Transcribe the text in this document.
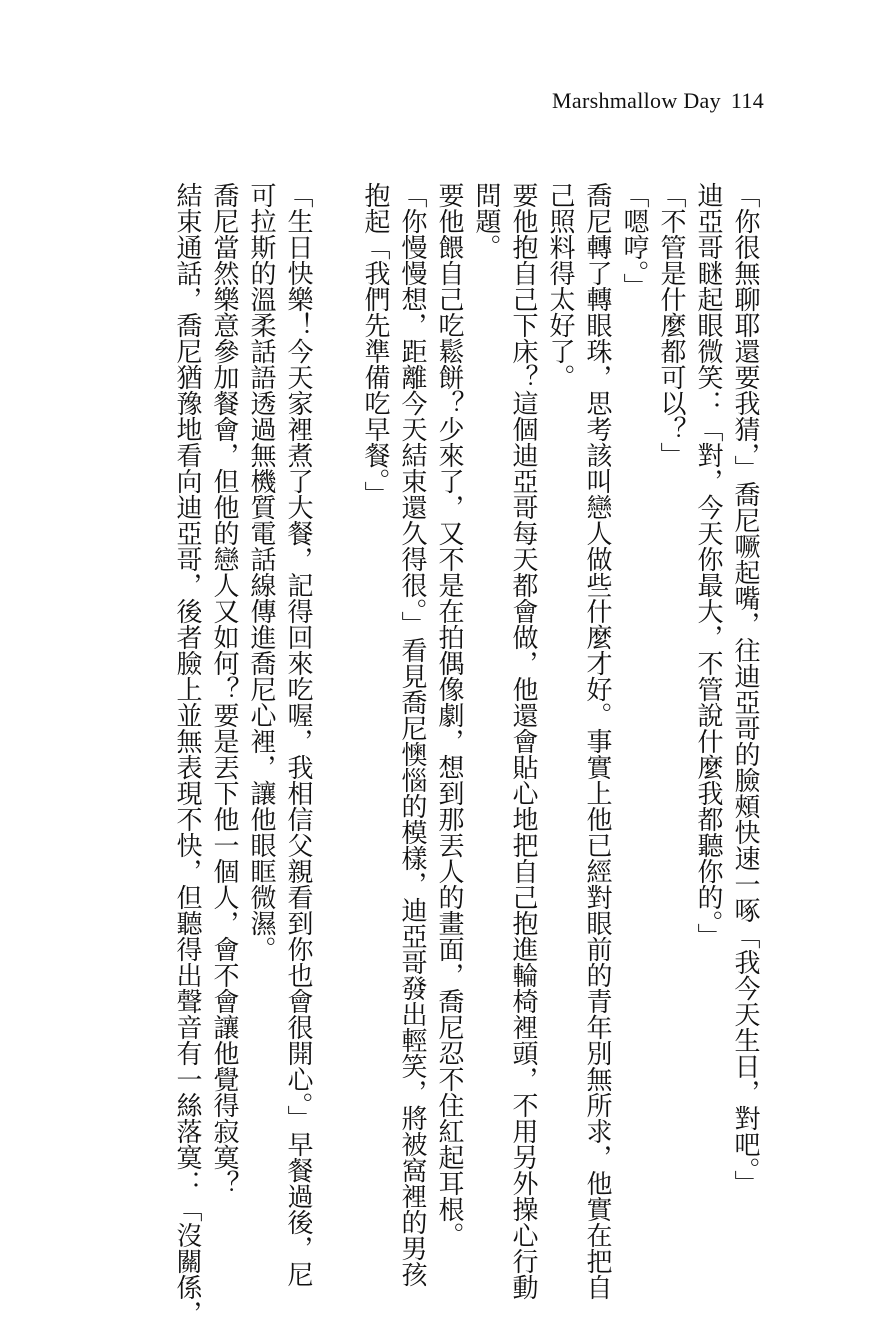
Marshmallow Day 114
「你很無聊耶還要我猜，」喬尼噘起嘴，往迪亞哥的臉頰快速一啄「我今天生日，對吧。」
迪亞哥瞇起眼微笑：「對，今天你最大，不管說什麼我都聽你的。」
「不管是什麼都可以？」
「嗯哼。」
喬尼轉了轉眼珠，思考該叫戀人做些什麼才好。事實上他已經對眼前的青年別無所求，他實在把自
己照料得太好了。
要他抱自己下床？這個迪亞哥每天都會做，他還會貼心地把自己抱進輪椅裡頭，不用另外操心行動
問題。
要他餵自己吃鬆餅？少來了，又不是在拍偶像劇，想到那丟人的畫面，喬尼忍不住紅起耳根。
「你慢慢想，距離今天結束還久得很。」看見喬尼懊惱的模樣，迪亞哥發出輕笑，將被窩裡的男孩
抱起「我們先準備吃早餐。」
「生日快樂！今天家裡煮了大餐，記得回來吃喔，我相信父親看到你也會很開心。」早餐過後，尼
可拉斯的溫柔話語透過無機質電話線傳進喬尼心裡，讓他眼眶微濕。
喬尼當然樂意參加餐會，但他的戀人又如何？要是丟下他一個人，會不會讓他覺得寂寞？
結束通話，喬尼猶豫地看向迪亞哥，後者臉上並無表現不快，但聽得出聲音有一絲落寞：「沒關係，
